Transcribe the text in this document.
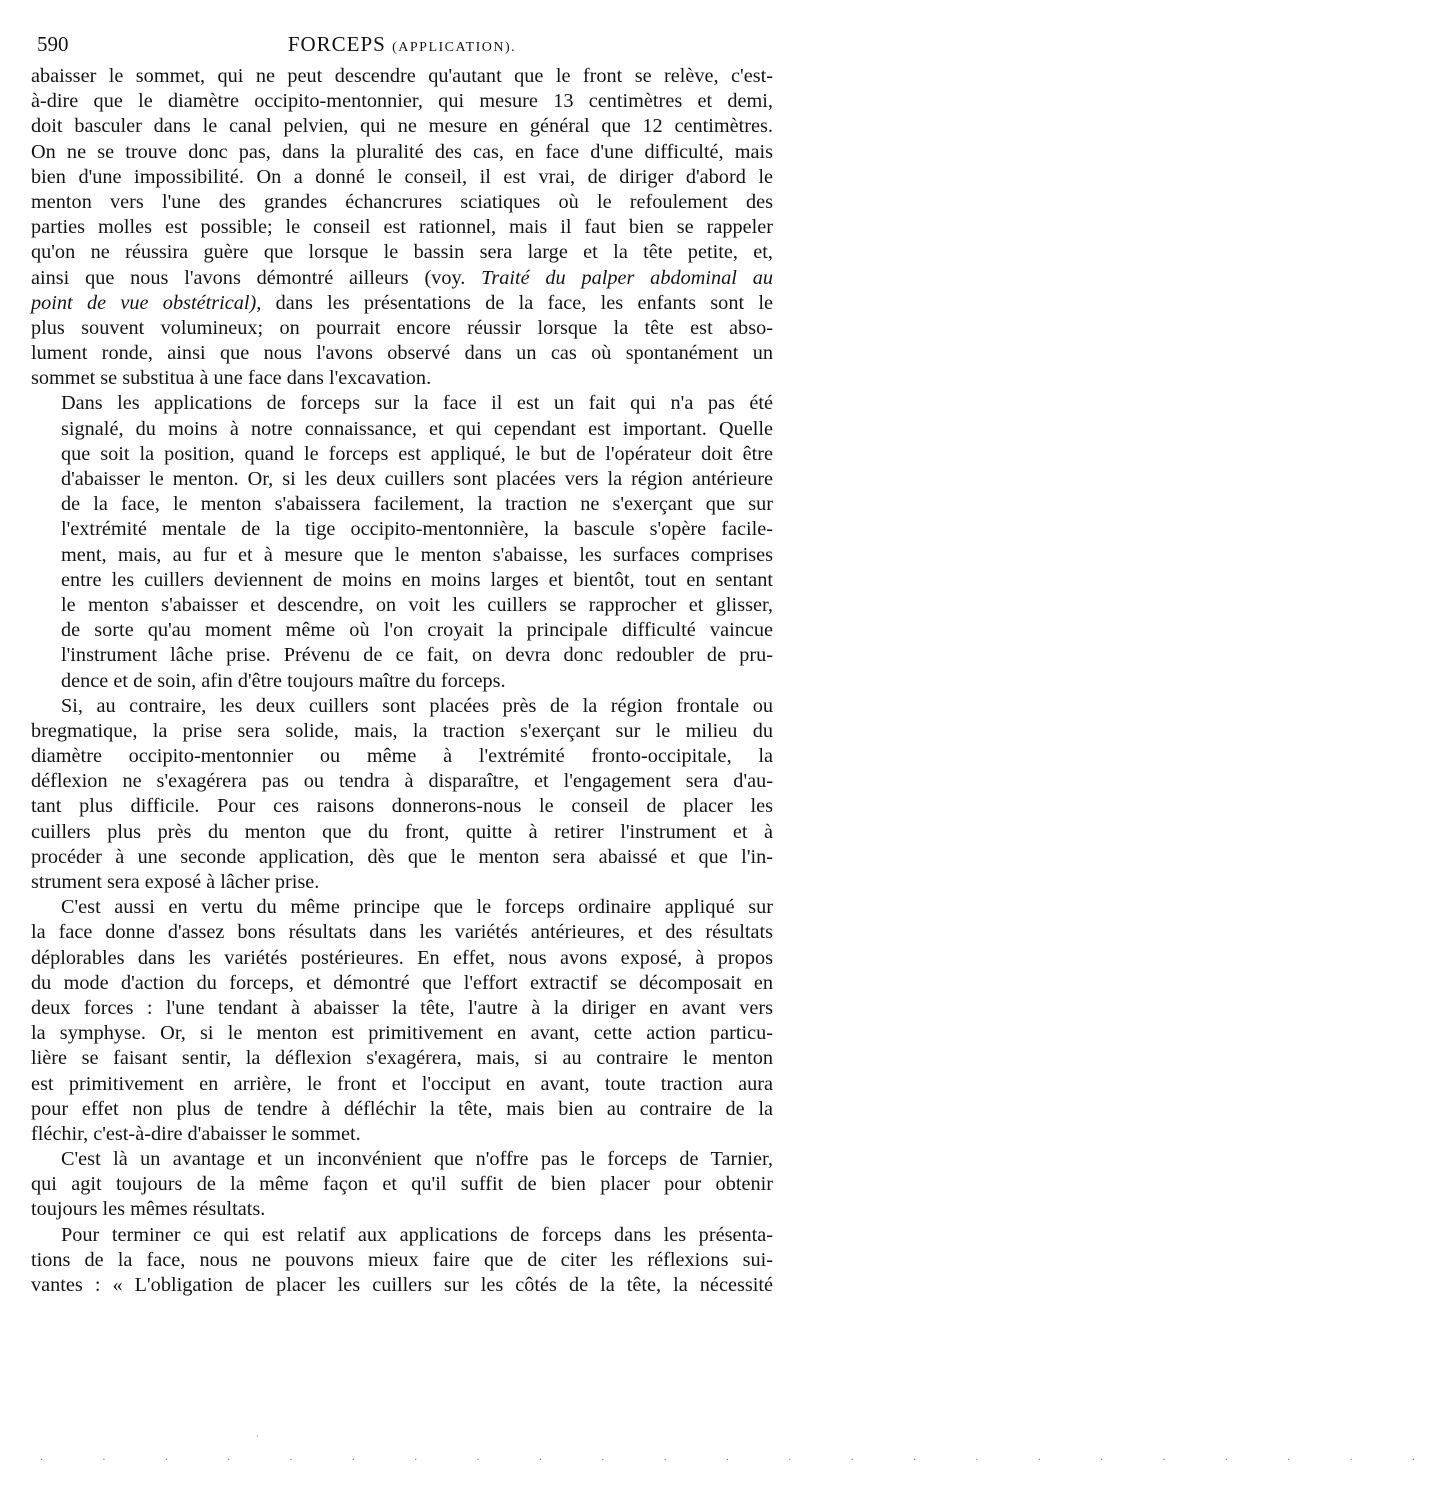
590	FORCEPS (APPLICATION).
abaisser le sommet, qui ne peut descendre qu'autant que le front se relève, c'est-
à-dire que le diamètre occipito-mentonnier, qui mesure 13 centimètres et demi,
doit basculer dans le canal pelvien, qui ne mesure en général que 12 centimètres.
On ne se trouve donc pas, dans la pluralité des cas, en face d'une difficulté, mais
bien d'une impossibilité. On a donné le conseil, il est vrai, de diriger d'abord le
menton vers l'une des grandes échancrures sciatiques où le refoulement des
parties molles est possible; le conseil est rationnel, mais il faut bien se rappeler
qu'on ne réussira guère que lorsque le bassin sera large et la tête petite, et,
ainsi que nous l'avons démontré ailleurs (voy. Traité du palper abdominal au
point de vue obstétrical), dans les présentations de la face, les enfants sont le
plus souvent volumineux; on pourrait encore réussir lorsque la tête est abso-
lument ronde, ainsi que nous l'avons observé dans un cas où spontanément un
sommet se substitua à une face dans l'excavation.
Dans les applications de forceps sur la face il est un fait qui n'a pas été
signalé, du moins à notre connaissance, et qui cependant est important. Quelle
que soit la position, quand le forceps est appliqué, le but de l'opérateur doit être
d'abaisser le menton. Or, si les deux cuillers sont placées vers la région antérieure
de la face, le menton s'abaissera facilement, la traction ne s'exerçant que sur
l'extrémité mentale de la tige occipito-mentonnière, la bascule s'opère facile-
ment, mais, au fur et à mesure que le menton s'abaisse, les surfaces comprises
entre les cuillers deviennent de moins en moins larges et bientôt, tout en sentant
le menton s'abaisser et descendre, on voit les cuillers se rapprocher et glisser,
de sorte qu'au moment même où l'on croyait la principale difficulté vaincue
l'instrument lâche prise. Prévenu de ce fait, on devra donc redoubler de pru-
dence et de soin, afin d'être toujours maître du forceps.
Si, au contraire, les deux cuillers sont placées près de la région frontale ou
bregmatique, la prise sera solide, mais, la traction s'exerçant sur le milieu du
diamètre occipito-mentonnier ou même à l'extrémité fronto-occipitale, la
déflexion ne s'exagérera pas ou tendra à disparaître, et l'engagement sera d'au-
tant plus difficile. Pour ces raisons donnerons-nous le conseil de placer les
cuillers plus près du menton que du front, quitte à retirer l'instrument et à
procéder à une seconde application, dès que le menton sera abaissé et que l'in-
strument sera exposé à lâcher prise.
C'est aussi en vertu du même principe que le forceps ordinaire appliqué sur
la face donne d'assez bons résultats dans les variétés antérieures, et des résultats
déplorables dans les variétés postérieures. En effet, nous avons exposé, à propos
du mode d'action du forceps, et démontré que l'effort extractif se décomposait en
deux forces : l'une tendant à abaisser la tête, l'autre à la diriger en avant vers
la symphyse. Or, si le menton est primitivement en avant, cette action particu-
lière se faisant sentir, la déflexion s'exagérera, mais, si au contraire le menton
est primitivement en arrière, le front et l'occiput en avant, toute traction aura
pour effet non plus de tendre à défléchir la tête, mais bien au contraire de la
fléchir, c'est-à-dire d'abaisser le sommet.
C'est là un avantage et un inconvénient que n'offre pas le forceps de Tarnier,
qui agit toujours de la même façon et qu'il suffit de bien placer pour obtenir
toujours les mêmes résultats.
Pour terminer ce qui est relatif aux applications de forceps dans les présenta-
tions de la face, nous ne pouvons mieux faire que de citer les réflexions sui-
vantes : « L'obligation de placer les cuillers sur les côtés de la tête, la nécessité
·
· · · · · · · · · · · · · · · · · · · · · · ·
